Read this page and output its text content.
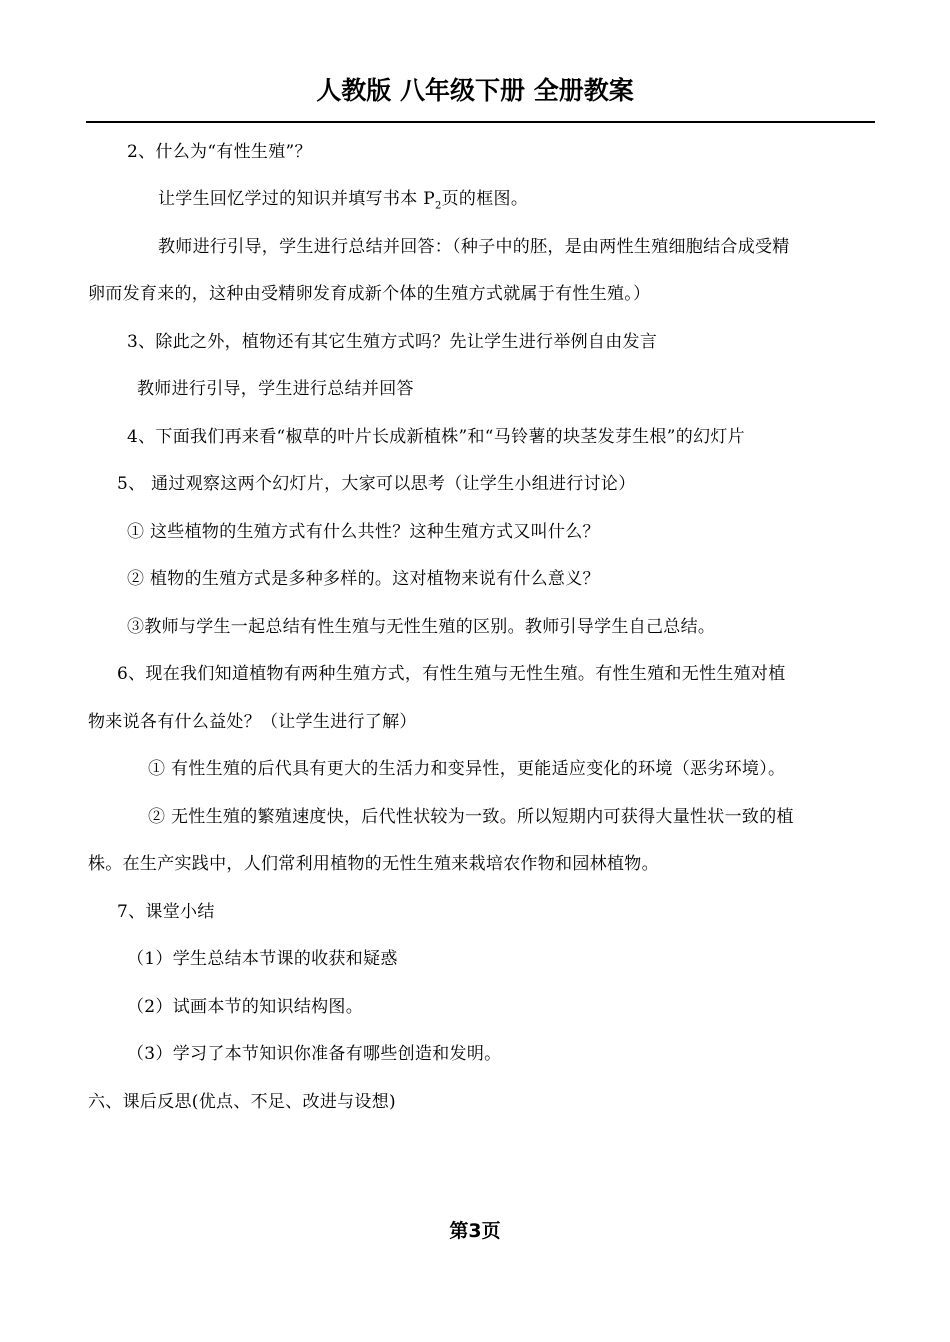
人教版 八年级下册 全册教案
2、什么为“有性生殖”？
让学生回忆学过的知识并填写书本 $P_2$页的框图。
教师进行引导，学生进行总结并回答：（种子中的胚，是由两性生殖细胞结合成受精
卵而发育来的，这种由受精卵发育成新个体的生殖方式就属于有性生殖。）
3、除此之外，植物还有其它生殖方式吗？先让学生进行举例自由发言
教师进行引导，学生进行总结并回答
4、下面我们再来看“椒草的叶片长成新植株”和“马铃薯的块茎发芽生根”的幻灯片
5、 通过观察这两个幻灯片，大家可以思考（让学生小组进行讨论）
① 这些植物的生殖方式有什么共性？这种生殖方式又叫什么？
② 植物的生殖方式是多种多样的。这对植物来说有什么意义？
③教师与学生一起总结有性生殖与无性生殖的区别。教师引导学生自己总结。
6、现在我们知道植物有两种生殖方式，有性生殖与无性生殖。有性生殖和无性生殖对植
物来说各有什么益处？（让学生进行了解）
① 有性生殖的后代具有更大的生活力和变异性，更能适应变化的环境（恶劣环境）。
② 无性生殖的繁殖速度快，后代性状较为一致。所以短期内可获得大量性状一致的植
株。在生产实践中，人们常利用植物的无性生殖来栽培农作物和园林植物。
7、课堂小结
（1）学生总结本节课的收获和疑惑
（2）试画本节的知识结构图。
（3）学习了本节知识你准备有哪些创造和发明。
六、课后反思(优点、不足、改进与设想)
第3页
